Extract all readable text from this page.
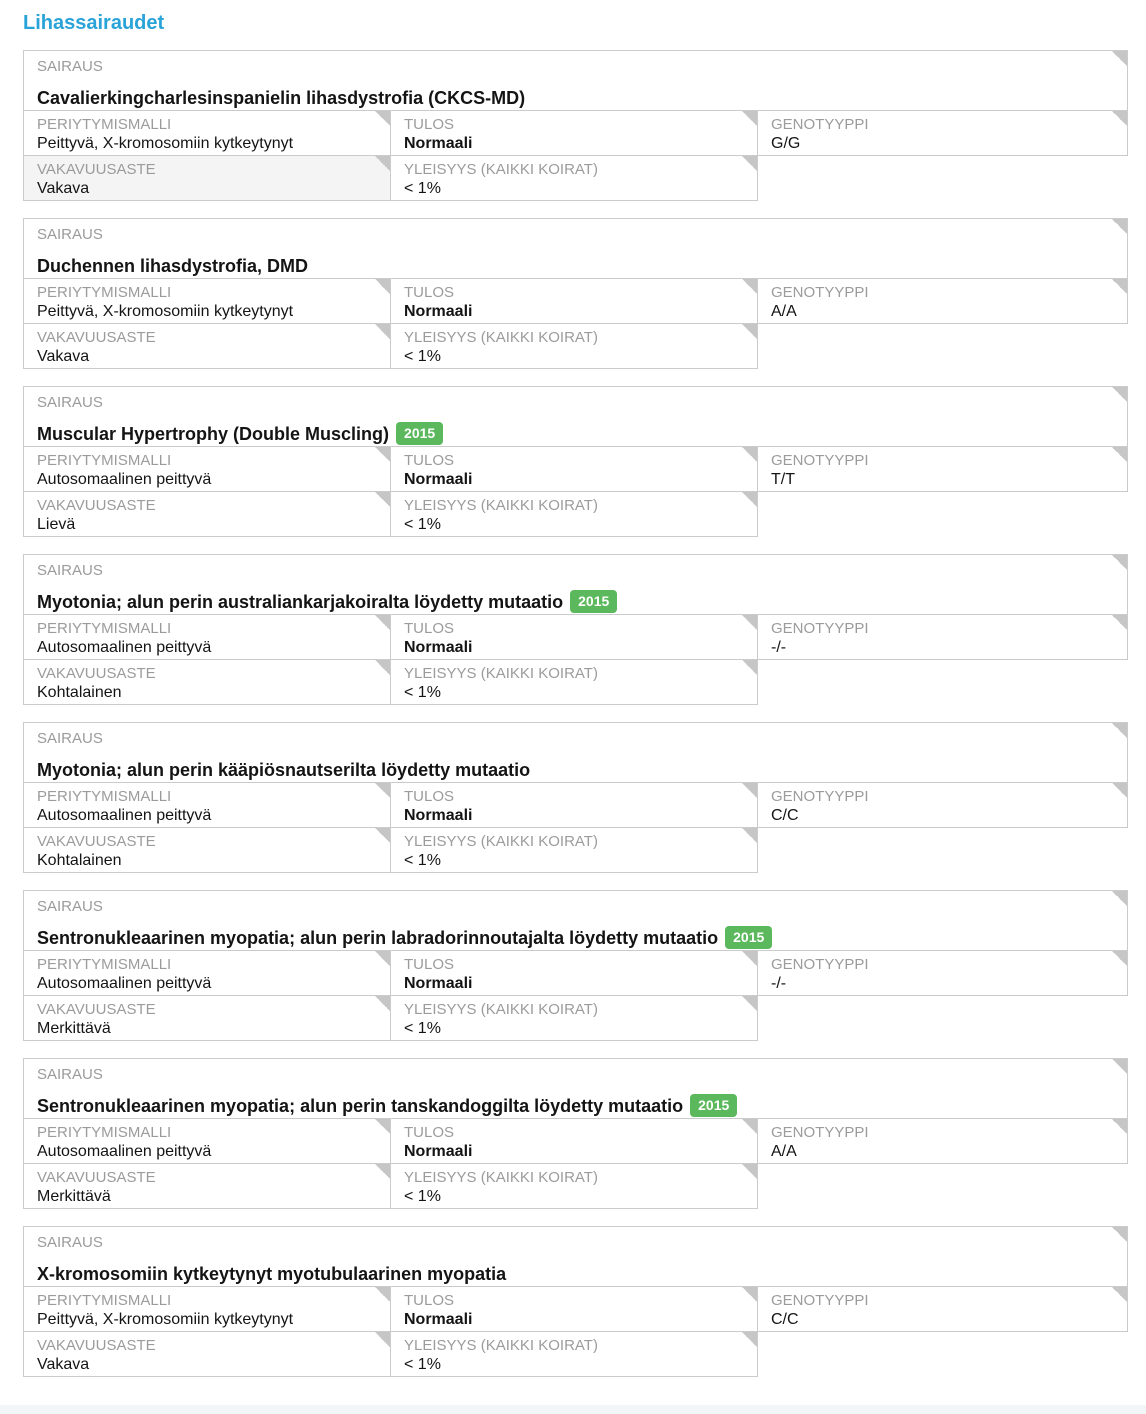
Lihassairaudet
SAIRAUS
Cavalierkingcharlesinspanielin lihasdystrofia (CKCS-MD)
PERIYTYMISMALLI
Peittyvä, X-kromosomiin kytkeytynyt
TULOS
Normaali
GENOTYYPPI
G/G
VAKAVUUSASTE
Vakava
YLEISYYS (KAIKKI KOIRAT)
< 1%
SAIRAUS
Duchennen lihasdystrofia, DMD
PERIYTYMISMALLI
Peittyvä, X-kromosomiin kytkeytynyt
TULOS
Normaali
GENOTYYPPI
A/A
VAKAVUUSASTE
Vakava
YLEISYYS (KAIKKI KOIRAT)
< 1%
SAIRAUS
Muscular Hypertrophy (Double Muscling) 2015
PERIYTYMISMALLI
Autosomaalinen peittyvä
TULOS
Normaali
GENOTYYPPI
T/T
VAKAVUUSASTE
Lievä
YLEISYYS (KAIKKI KOIRAT)
< 1%
SAIRAUS
Myotonia; alun perin australiankarjakoiralta löydetty mutaatio 2015
PERIYTYMISMALLI
Autosomaalinen peittyvä
TULOS
Normaali
GENOTYYPPI
-/-
VAKAVUUSASTE
Kohtalainen
YLEISYYS (KAIKKI KOIRAT)
< 1%
SAIRAUS
Myotonia; alun perin kääpiösnautserilta löydetty mutaatio
PERIYTYMISMALLI
Autosomaalinen peittyvä
TULOS
Normaali
GENOTYYPPI
C/C
VAKAVUUSASTE
Kohtalainen
YLEISYYS (KAIKKI KOIRAT)
< 1%
SAIRAUS
Sentronukleaarinen myopatia; alun perin labradorinnoutajalta löydetty mutaatio 2015
PERIYTYMISMALLI
Autosomaalinen peittyvä
TULOS
Normaali
GENOTYYPPI
-/-
VAKAVUUSASTE
Merkittävä
YLEISYYS (KAIKKI KOIRAT)
< 1%
SAIRAUS
Sentronukleaarinen myopatia; alun perin tanskandoggilta löydetty mutaatio 2015
PERIYTYMISMALLI
Autosomaalinen peittyvä
TULOS
Normaali
GENOTYYPPI
A/A
VAKAVUUSASTE
Merkittävä
YLEISYYS (KAIKKI KOIRAT)
< 1%
SAIRAUS
X-kromosomiin kytkeytynyt myotubulaarinen myopatia
PERIYTYMISMALLI
Peittyvä, X-kromosomiin kytkeytynyt
TULOS
Normaali
GENOTYYPPI
C/C
VAKAVUUSASTE
Vakava
YLEISYYS (KAIKKI KOIRAT)
< 1%
